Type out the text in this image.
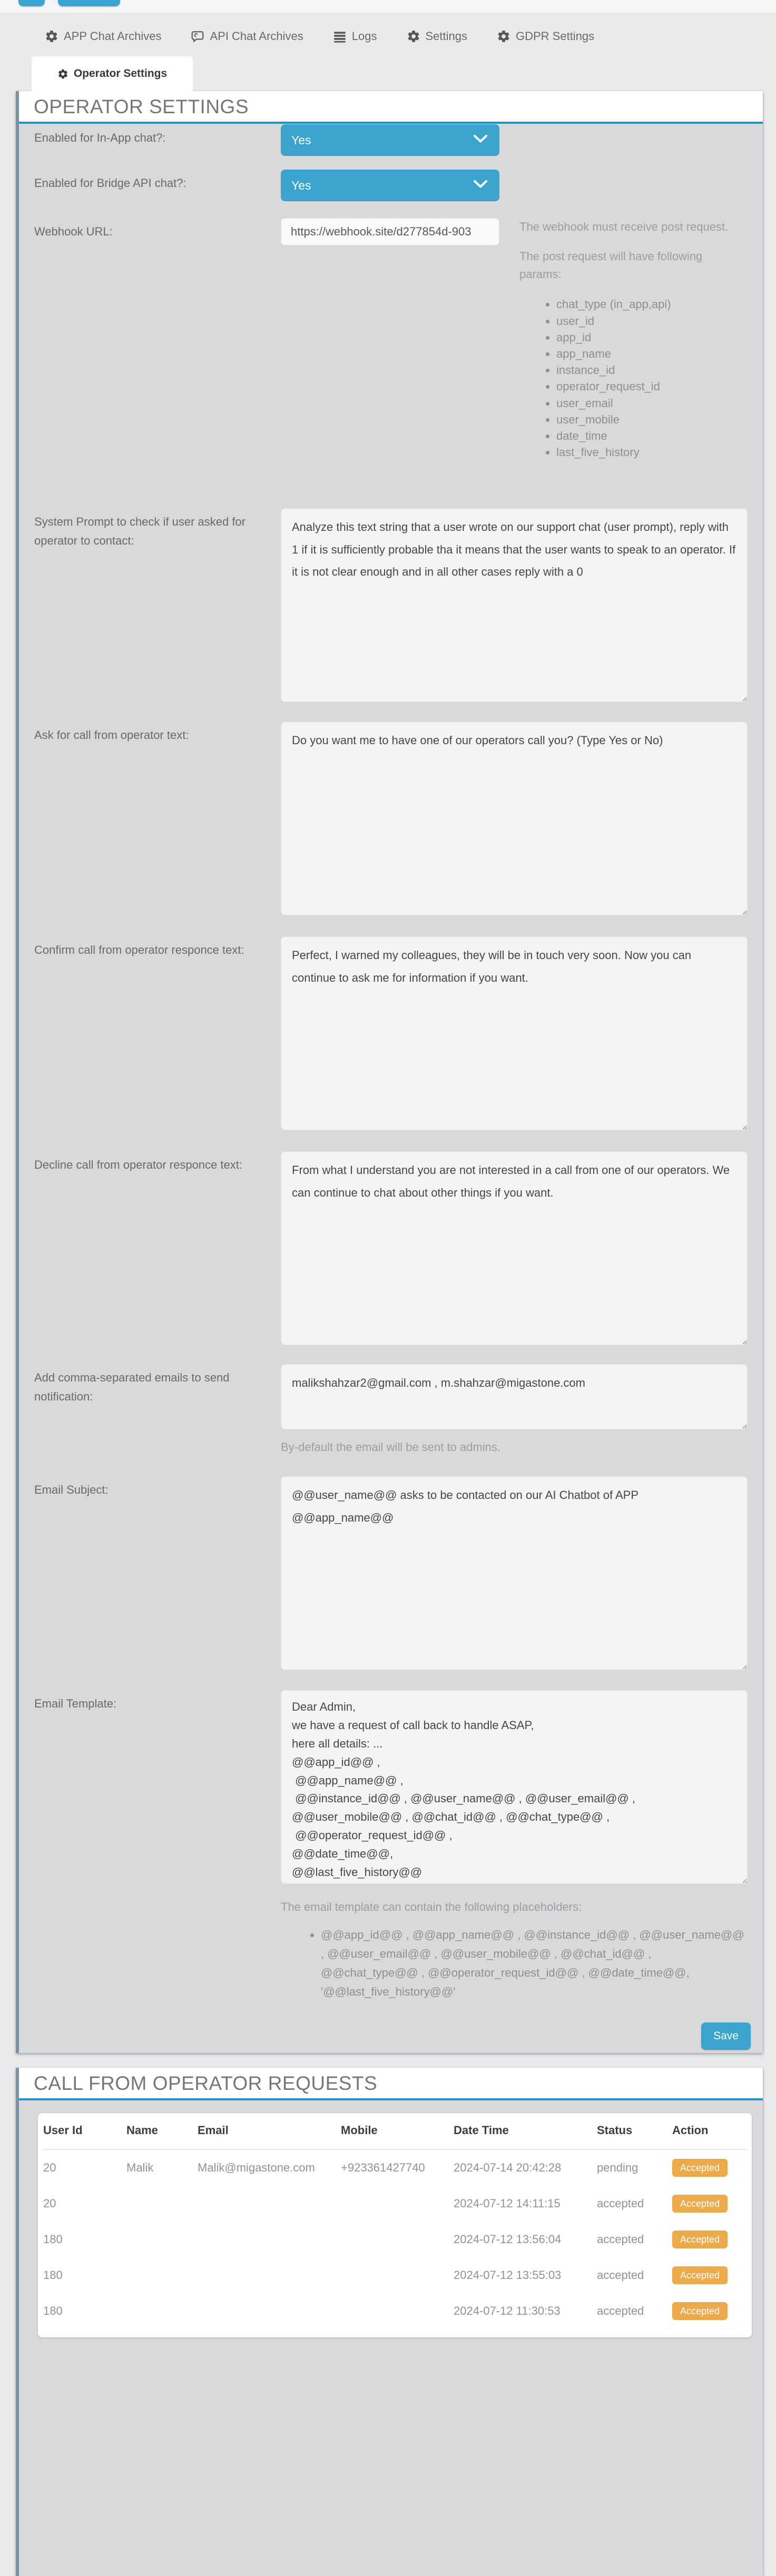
APP Chat Archives	API Chat Archives	Logs	Settings	GDPR Settings
Operator Settings
OPERATOR SETTINGS
Enabled for In-App chat?:	Yes
Enabled for Bridge API chat?:	Yes
Webhook URL:
https://webhook.site/d277854d-903	The webhook must receive post request.
The post request will have following params:
• chat_type (in_app,api)
• user_id
• app_id
• app_name
• instance_id
• operator_request_id
• user_email
• user_mobile
• date_time
• last_five_history
System Prompt to check if user asked for operator to contact:
Analyze this text string that a user wrote on our support chat (user prompt), reply with 1 if it is sufficiently probable tha it means that the user wants to speak to an operator. If it is not clear enough and in all other cases reply with a 0
Ask for call from operator text:
Do you want me to have one of our operators call you? (Type Yes or No)
Confirm call from operator responce text:
Perfect, I warned my colleagues, they will be in touch very soon. Now you can continue to ask me for information if you want.
Decline call from operator responce text:
From what I understand you are not interested in a call from one of our operators. We can continue to chat about other things if you want.
Add comma-separated emails to send notification:
malikshahzar2@gmail.com , m.shahzar@migastone.com
By-default the email will be sent to admins.
Email Subject:
@@user_name@@ asks to be contacted on our AI Chatbot of APP @@app_name@@
Email Template:
Dear Admin, we have a request of call back to handle ASAP, here all details: ... @@app_id@@ , @@app_name@@ , @@instance_id@@ , @@user_name@@ , @@user_email@@ , @@user_mobile@@ , @@chat_id@@ , @@chat_type@@ , @@operator_request_id@@ , @@date_time@@, @@last_five_history@@ User Name: @@user_name@@
The email template can contain the following placeholders:
• @@app_id@@ , @@app_name@@ , @@instance_id@@ , @@user_name@@ , @@user_email@@ , @@user_mobile@@ , @@chat_id@@ , @@chat_type@@ , @@operator_request_id@@ , @@date_time@@, '@@last_five_history@@'
Save
CALL FROM OPERATOR REQUESTS
User Id	Name	Email	Mobile	Date Time	Status	Action
20	Malik	Malik@migastone.com	+923361427740	2024-07-14 20:42:28	pending	Accepted
20				2024-07-12 14:11:15	accepted	Accepted
180				2024-07-12 13:56:04	accepted	Accepted
180				2024-07-12 13:55:03	accepted	Accepted
180				2024-07-12 11:30:53	accepted	Accepted
